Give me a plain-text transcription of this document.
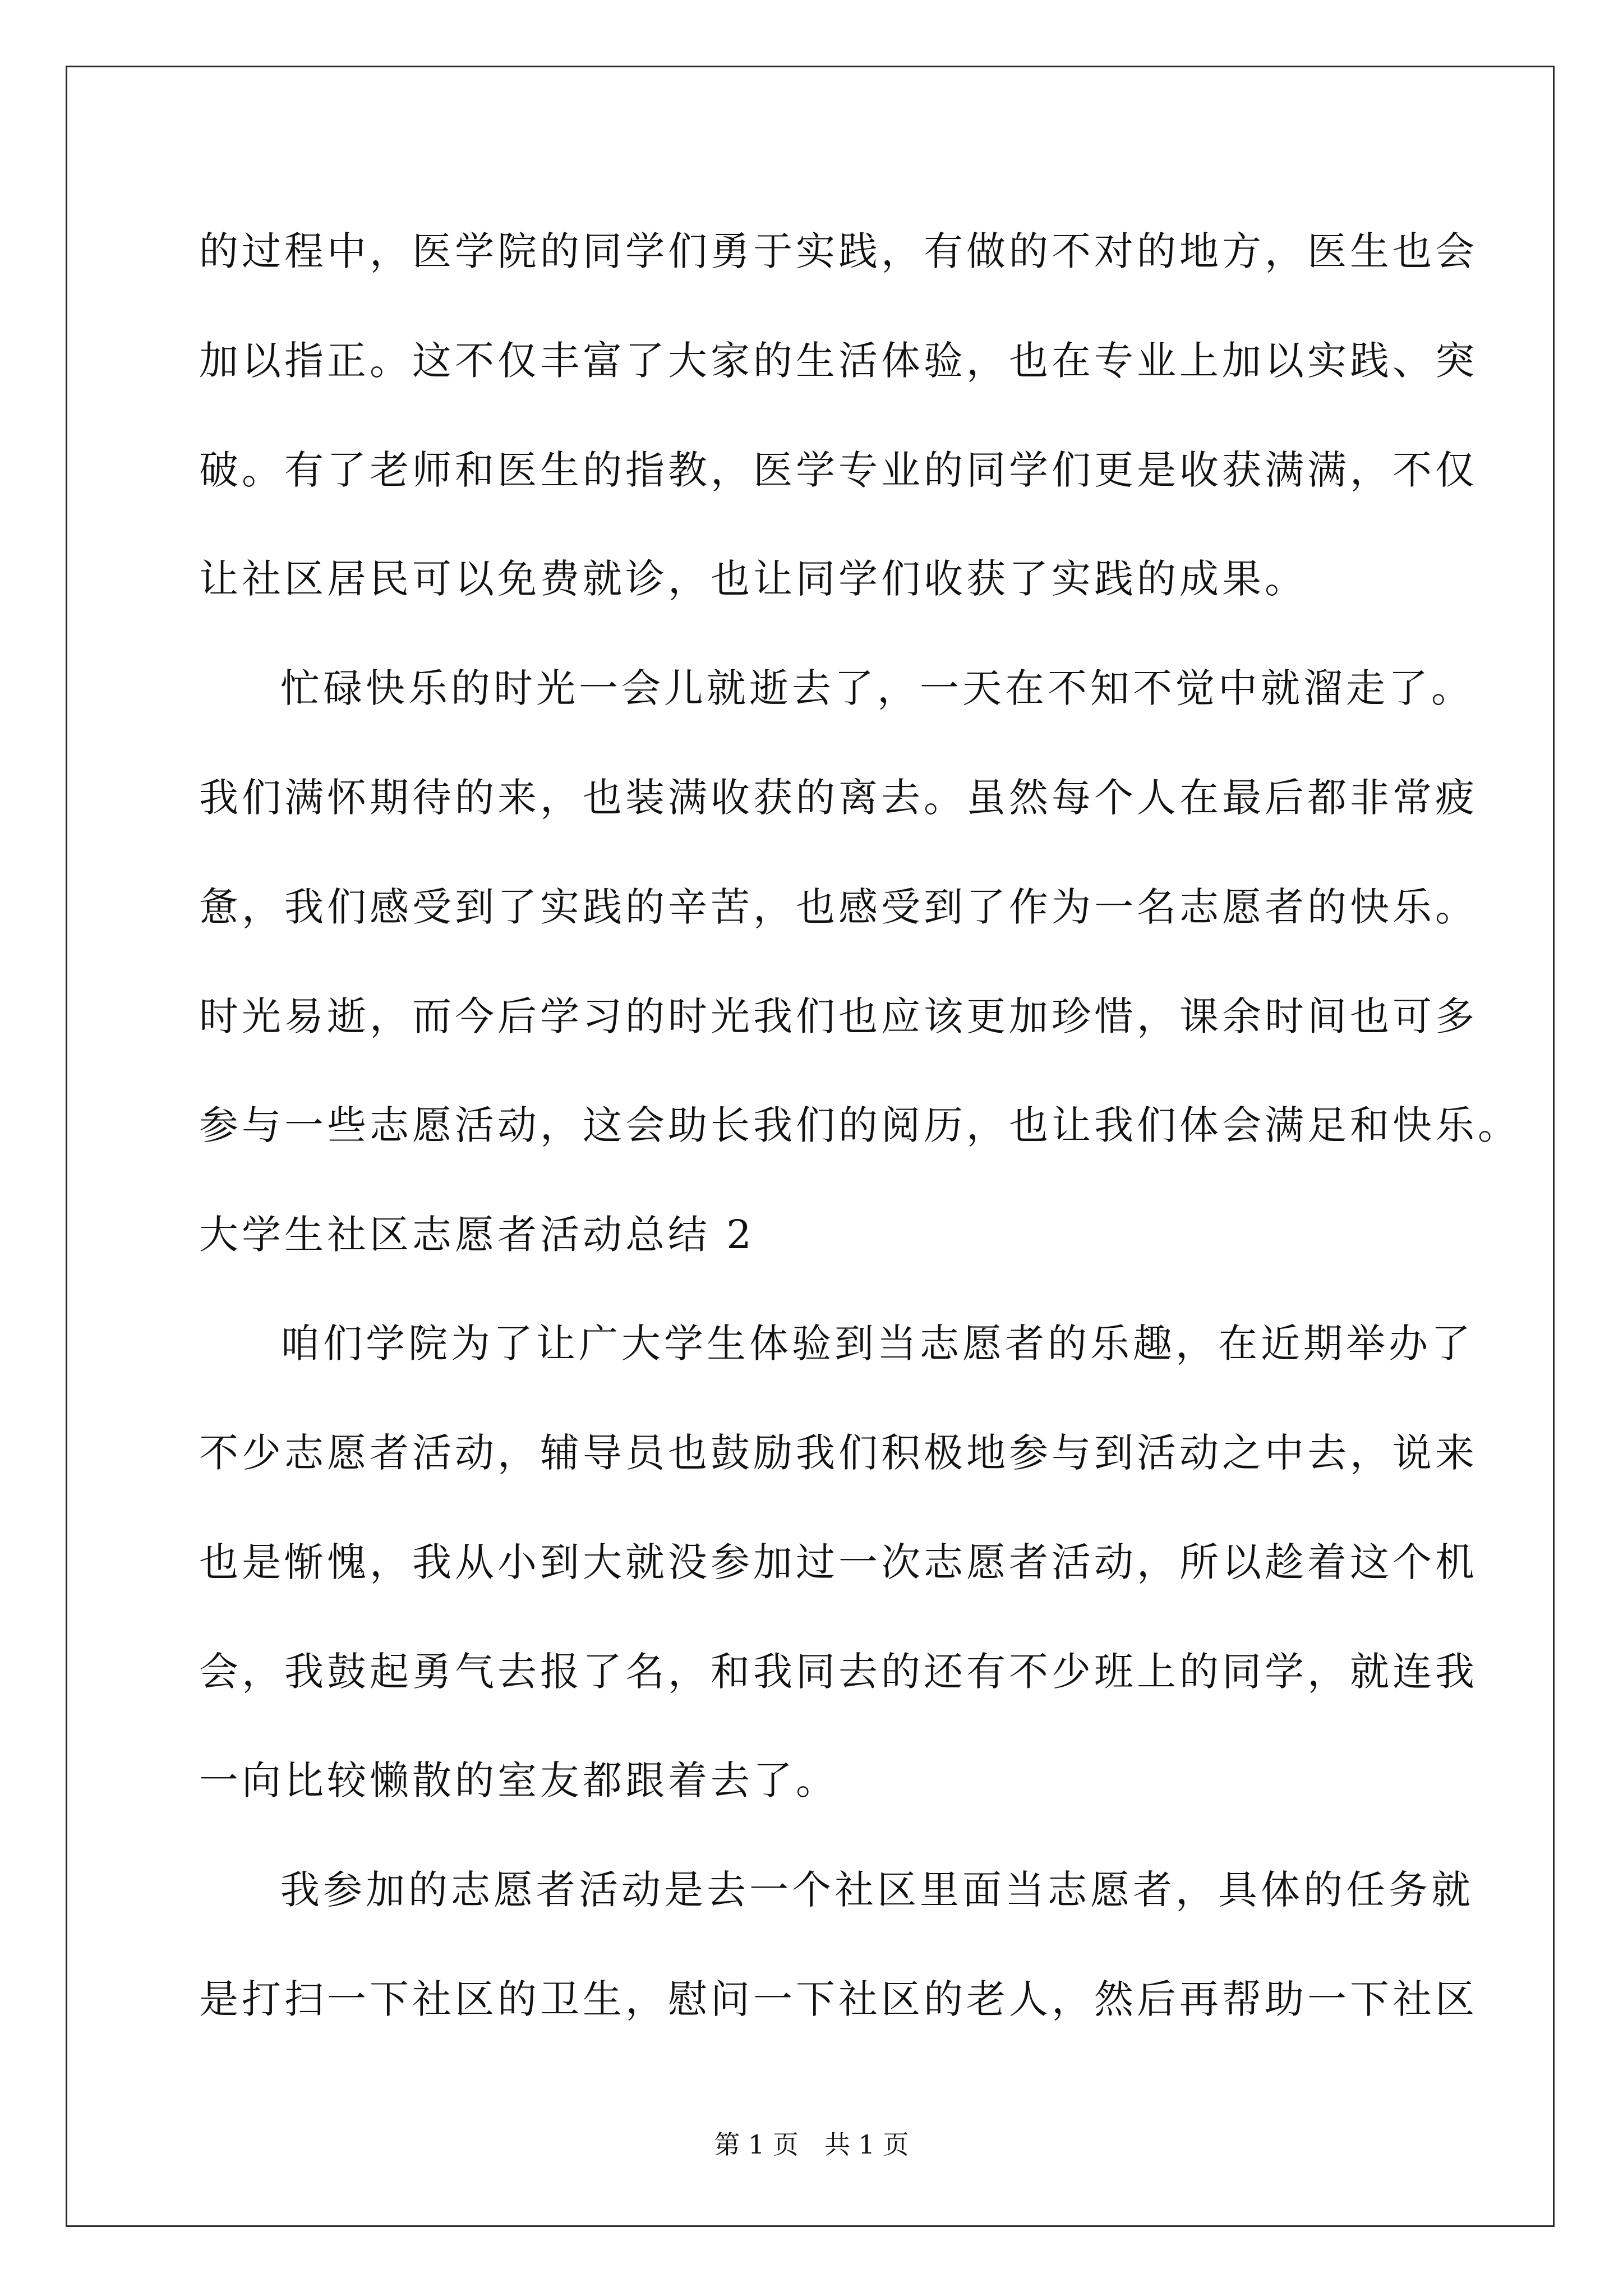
的过程中，医学院的同学们勇于实践，有做的不对的地方，医生也会

加以指正。这不仅丰富了大家的生活体验，也在专业上加以实践、突

破。有了老师和医生的指教，医学专业的同学们更是收获满满，不仅

让社区居民可以免费就诊，也让同学们收获了实践的成果。

忙碌快乐的时光一会儿就逝去了，一天在不知不觉中就溜走了。

我们满怀期待的来，也装满收获的离去。虽然每个人在最后都非常疲

惫，我们感受到了实践的辛苦，也感受到了作为一名志愿者的快乐。

时光易逝，而今后学习的时光我们也应该更加珍惜，课余时间也可多

参与一些志愿活动，这会助长我们的阅历，也让我们体会满足和快乐。

大学生社区志愿者活动总结 2

咱们学院为了让广大学生体验到当志愿者的乐趣，在近期举办了

不少志愿者活动，辅导员也鼓励我们积极地参与到活动之中去，说来

也是惭愧，我从小到大就没参加过一次志愿者活动，所以趁着这个机

会，我鼓起勇气去报了名，和我同去的还有不少班上的同学，就连我

一向比较懒散的室友都跟着去了。

我参加的志愿者活动是去一个社区里面当志愿者，具体的任务就

是打扫一下社区的卫生，慰问一下社区的老人，然后再帮助一下社区

第 1 页　共 1 页
